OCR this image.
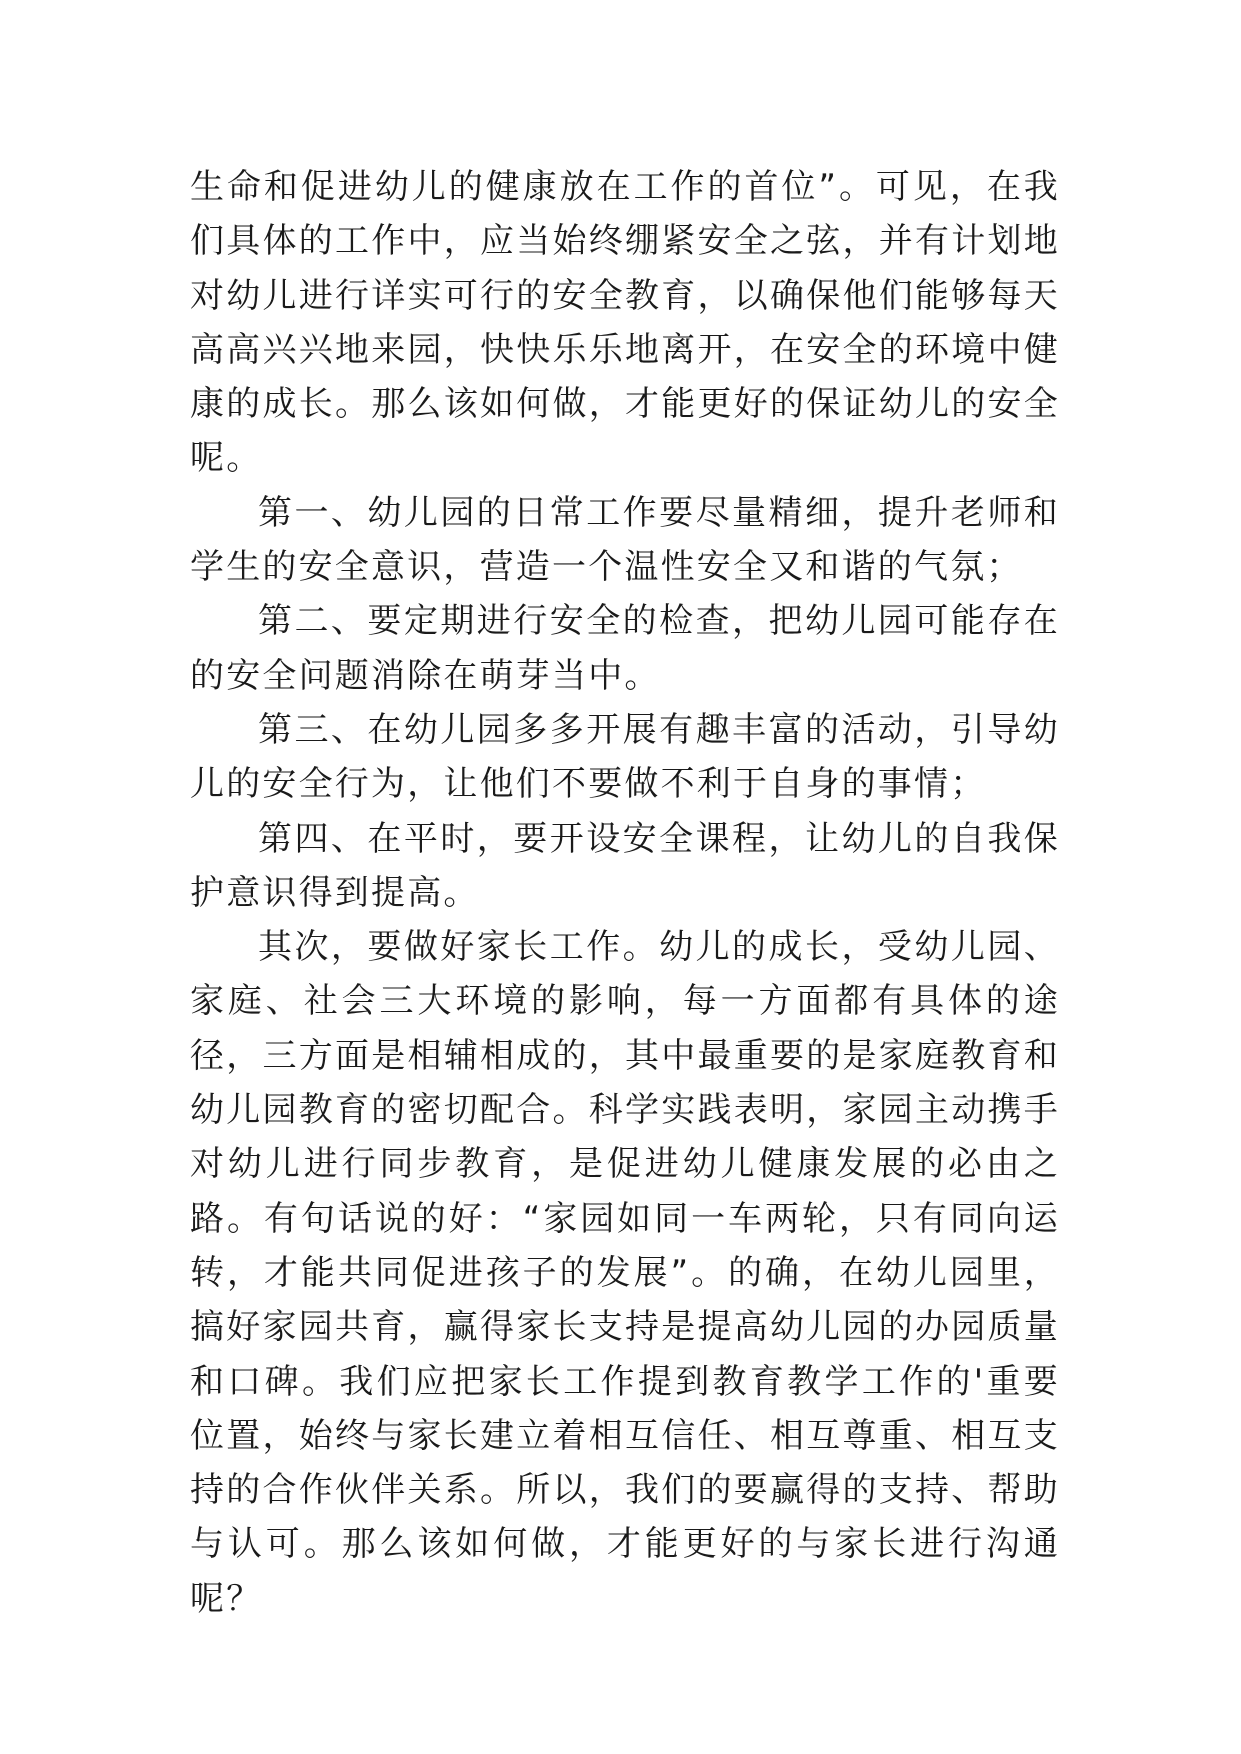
生命和促进幼儿的健康放在工作的首位”。可见，在我们具体的工作中，应当始终绷紧安全之弦，并有计划地对幼儿进行详实可行的安全教育，以确保他们能够每天高高兴兴地来园，快快乐乐地离开，在安全的环境中健康的成长。那么该如何做，才能更好的保证幼儿的安全呢。

第一、幼儿园的日常工作要尽量精细，提升老师和学生的安全意识，营造一个温性安全又和谐的气氛；

第二、要定期进行安全的检查，把幼儿园可能存在的安全问题消除在萌芽当中。

第三、在幼儿园多多开展有趣丰富的活动，引导幼儿的安全行为，让他们不要做不利于自身的事情；

第四、在平时，要开设安全课程，让幼儿的自我保护意识得到提高。

其次，要做好家长工作。幼儿的成长，受幼儿园、家庭、社会三大环境的影响，每一方面都有具体的途径，三方面是相辅相成的，其中最重要的是家庭教育和幼儿园教育的密切配合。科学实践表明，家园主动携手对幼儿进行同步教育，是促进幼儿健康发展的必由之路。有句话说的好：“家园如同一车两轮，只有同向运转，才能共同促进孩子的发展”。的确，在幼儿园里，搞好家园共育，赢得家长支持是提高幼儿园的办园质量和口碑。我们应把家长工作提到教育教学工作的'重要位置，始终与家长建立着相互信任、相互尊重、相互支持的合作伙伴关系。所以，我们的要赢得的支持、帮助与认可。那么该如何做，才能更好的与家长进行沟通呢？
